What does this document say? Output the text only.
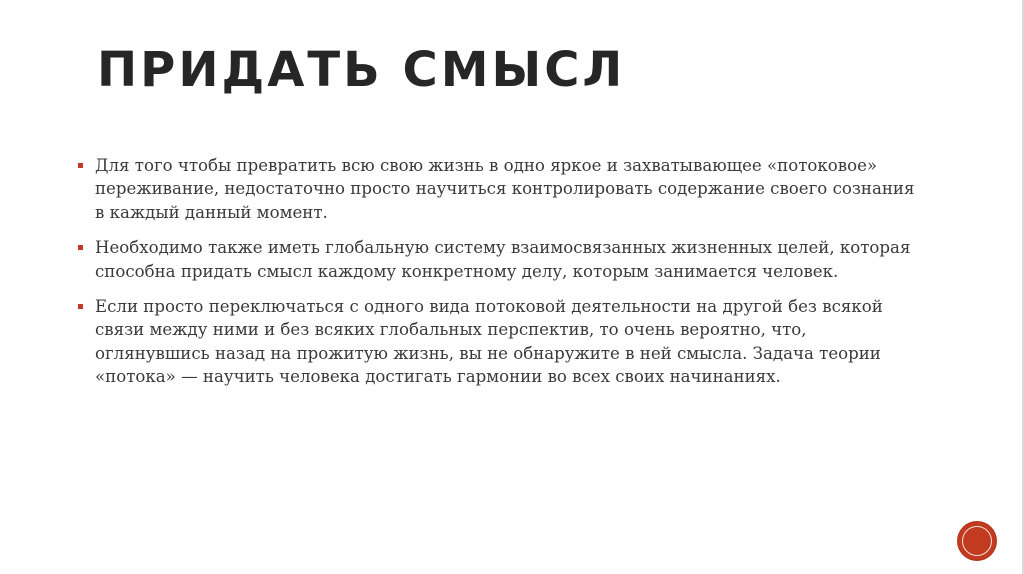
ПРИДАТЬ СМЫСЛ
Для того чтобы превратить всю свою жизнь в одно яркое и захватывающее «потоковое» переживание, недостаточно просто научиться контролировать содержание своего сознания в каждый данный момент.
Необходимо также иметь глобальную систему взаимосвязанных жизненных целей, которая способна придать смысл каждому конкретному делу, которым занимается человек.
Если просто переключаться с одного вида потоковой деятельности на другой без всякой связи между ними и без всяких глобальных перспектив, то очень вероятно, что, оглянувшись назад на прожитую жизнь, вы не обнаружите в ней смысла. Задача теории «потока» — научить человека достигать гармонии во всех своих начинаниях.
